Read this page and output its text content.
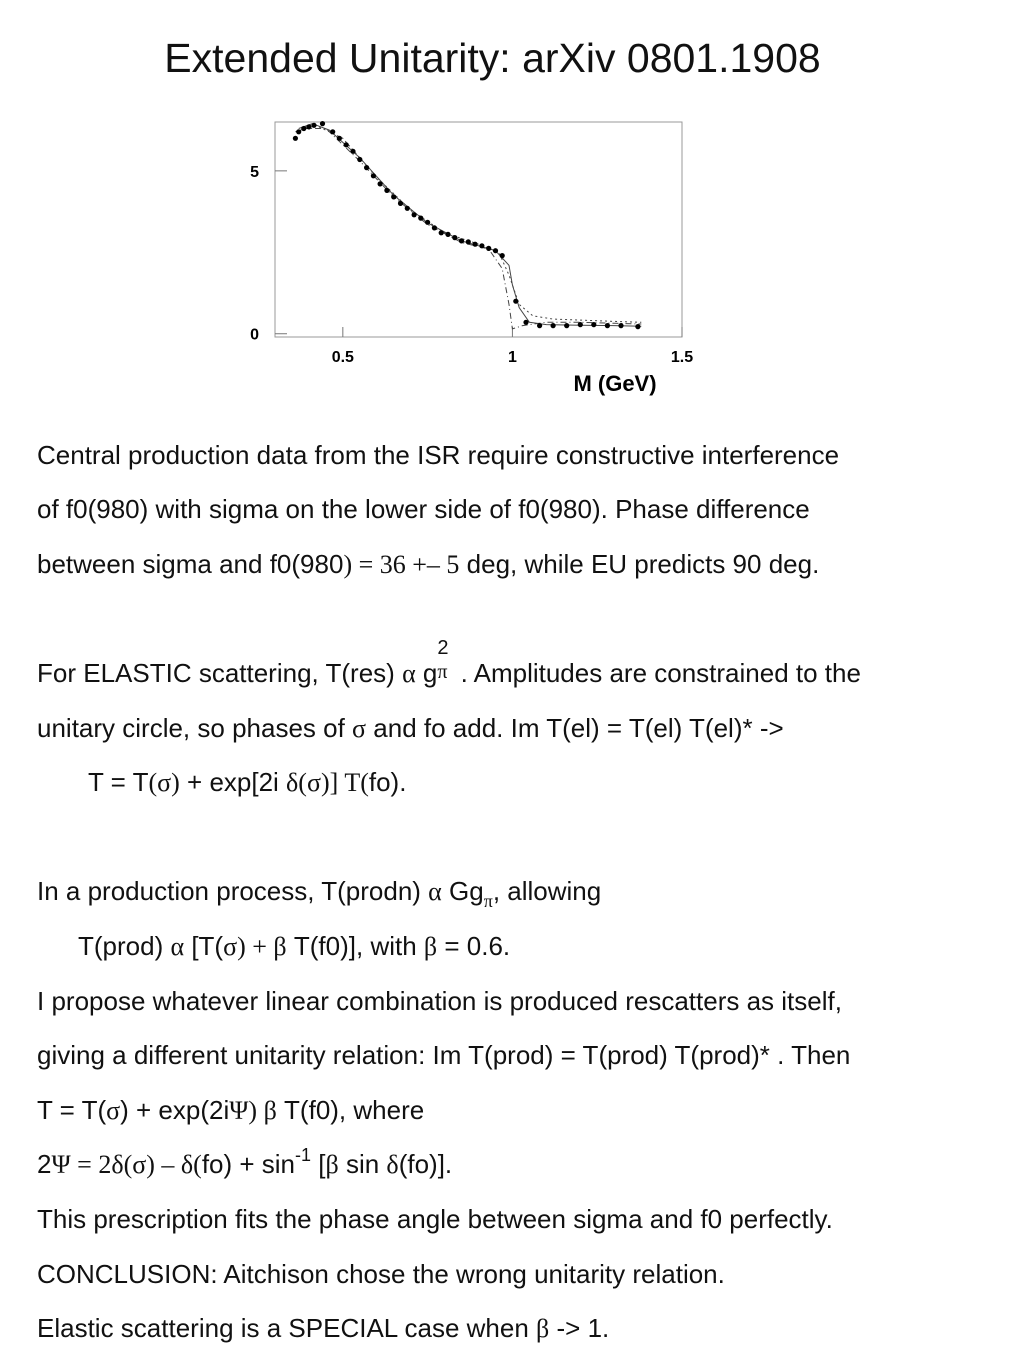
Extended Unitarity: arXiv 0801.1908
0.5	1	1.5
0
5
M (GeV)
Central production data from the ISR require constructive interference
of f0(980) with sigma on the lower side of f0(980). Phase difference
between sigma and f0(980) = 36 +– 5 deg, while EU predicts 90 deg.
For ELASTIC scattering, T(res) α g
2
π . Amplitudes are constrained to the
unitary circle, so phases of σ and fo add. Im T(el) = T(el) T(el)* ->
T = T(σ) + exp[2i δ(σ)] T(fo).
In a production process, T(prodn) α $Gg_\pi$, allowing
T(prod) α [T(σ) + β T(f0)], with β = 0.6.
I propose whatever linear combination is produced rescatters as itself,
giving a different unitarity relation: Im T(prod) = T(prod) T(prod)* . Then
T = T(σ) + exp(2iΨ) β T(f0), where
$2\Psi = 2\delta(\sigma) - \delta(fo) + \sin^{-1} [\beta$ sin δ(fo)].
This prescription fits the phase angle between sigma and f0 perfectly.
CONCLUSION: Aitchison chose the wrong unitarity relation.
Elastic scattering is a SPECIAL case when β -> 1.
